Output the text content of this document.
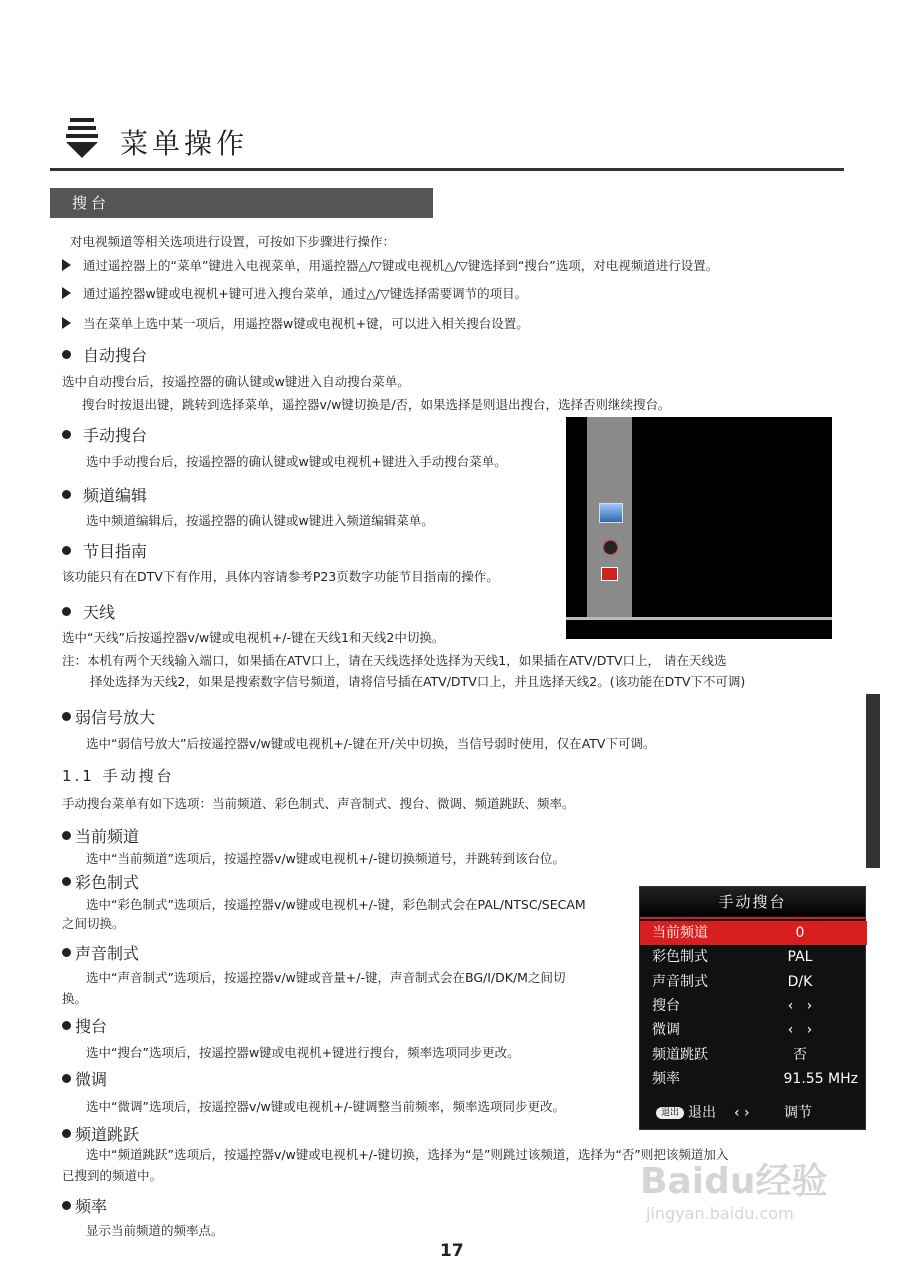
菜单操作
搜台
对电视频道等相关选项进行设置，可按如下步骤进行操作：
通过遥控器上的“菜单”键进入电视菜单，用遥控器△/▽键或电视机△/▽键选择到“搜台”选项，对电视频道进行设置。
通过遥控器w键或电视机+键可进入搜台菜单，通过△/▽键选择需要调节的项目。
当在菜单上选中某一项后，用遥控器w键或电视机+键，可以进入相关搜台设置。
自动搜台
选中自动搜台后，按遥控器的确认键或w键进入自动搜台菜单。
搜台时按退出键，跳转到选择菜单，遥控器v/w键切换是/否，如果选择是则退出搜台，选择否则继续搜台。
手动搜台
选中手动搜台后，按遥控器的确认键或w键或电视机+键进入手动搜台菜单。
频道编辑
选中频道编辑后，按遥控器的确认键或w键进入频道编辑菜单。
节目指南
该功能只有在DTV下有作用，具体内容请参考P23页数字功能节目指南的操作。
天线
选中“天线”后按遥控器v/w键或电视机+/-键在天线1和天线2中切换。
注：本机有两个天线输入端口，如果插在ATV口上，请在天线选择处选择为天线1，如果插在ATV/DTV口上， 请在天线选
择处选择为天线2，如果是搜索数字信号频道，请将信号插在ATV/DTV口上，并且选择天线2。(该功能在DTV下不可调)
弱信号放大
选中“弱信号放大”后按遥控器v/w键或电视机+/-键在开/关中切换，当信号弱时使用，仅在ATV下可调。
1.1 手动搜台
手动搜台菜单有如下选项：当前频道、彩色制式、声音制式、搜台、微调、频道跳跃、频率。
当前频道
选中“当前频道”选项后，按遥控器v/w键或电视机+/-键切换频道号，并跳转到该台位。
彩色制式
选中“彩色制式”选项后，按遥控器v/w键或电视机+/-键，彩色制式会在PAL/NTSC/SECAM
之间切换。
声音制式
选中“声音制式”选项后，按遥控器v/w键或音量+/-键，声音制式会在BG/I/DK/M之间切
换。
搜台
选中“搜台”选项后，按遥控器w键或电视机+键进行搜台，频率选项同步更改。
微调
选中“微调”选项后，按遥控器v/w键或电视机+/-键调整当前频率，频率选项同步更改。
频道跳跃
选中“频道跳跃”选项后，按遥控器v/w键或电视机+/-键切换，选择为“是”则跳过该频道，选择为“否”则把该频道加入
已搜到的频道中。
频率
显示当前频道的频率点。
手动搜台
当前频道	0
彩色制式	PAL
声音制式	D/K
搜台	‹   ›
微调	‹   ›
频道跳跃	否
频率	91.55 MHz
退出 退出 ‹ › 调节
17
Baidu经验
jingyan.baidu.com
